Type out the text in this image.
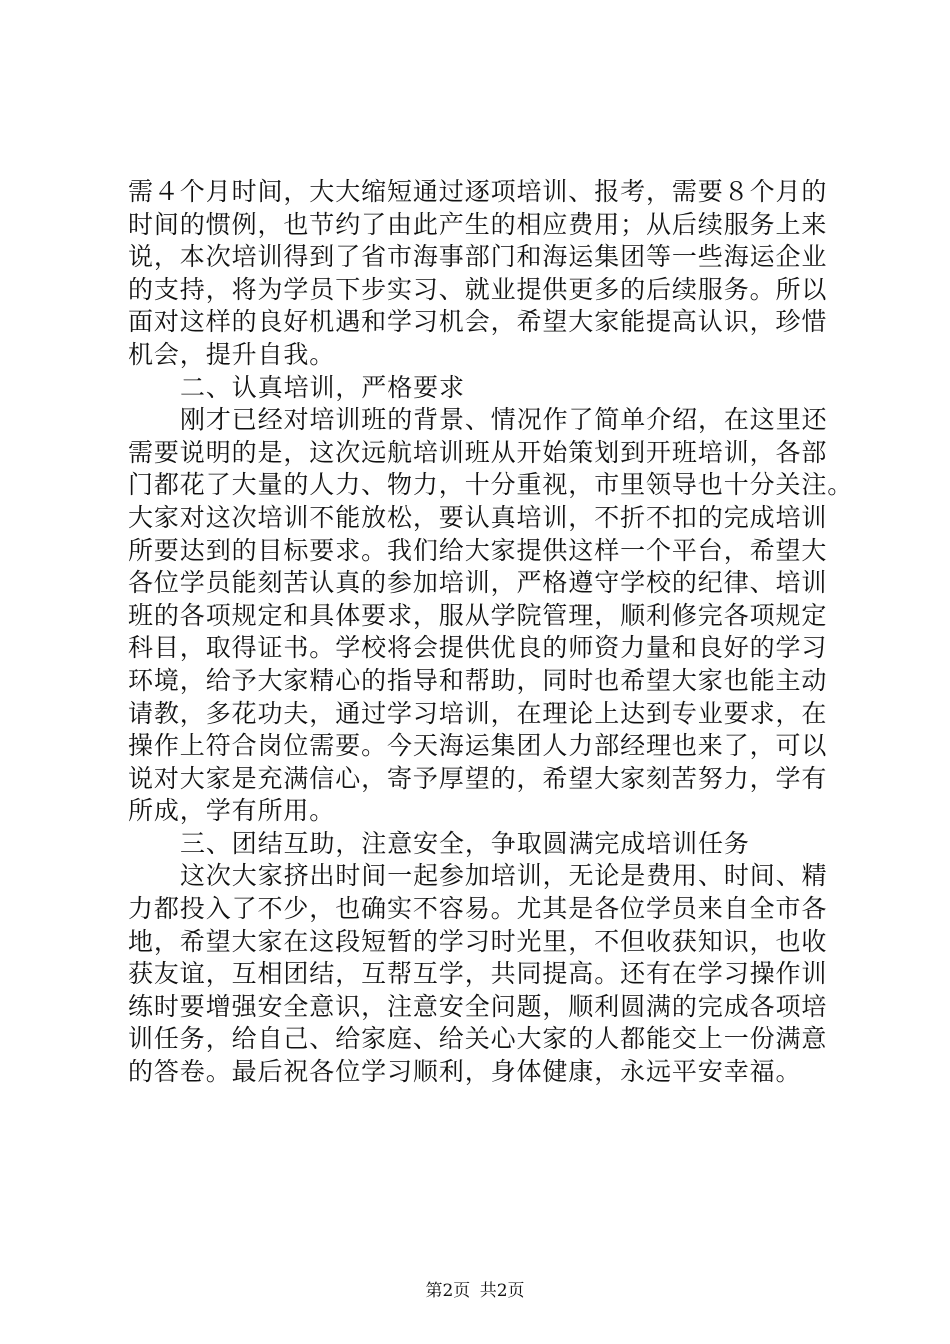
需４个月时间，大大缩短通过逐项培训、报考，需要８个月的
时间的惯例，也节约了由此产生的相应费用；从后续服务上来
说，本次培训得到了省市海事部门和海运集团等一些海运企业
的支持，将为学员下步实习、就业提供更多的后续服务。所以
面对这样的良好机遇和学习机会，希望大家能提高认识，珍惜
机会，提升自我。
二、认真培训，严格要求
刚才已经对培训班的背景、情况作了简单介绍，在这里还
需要说明的是，这次远航培训班从开始策划到开班培训，各部
门都花了大量的人力、物力，十分重视，市里领导也十分关注。
大家对这次培训不能放松，要认真培训，不折不扣的完成培训
所要达到的目标要求。我们给大家提供这样一个平台，希望大
各位学员能刻苦认真的参加培训，严格遵守学校的纪律、培训
班的各项规定和具体要求，服从学院管理，顺利修完各项规定
科目，取得证书。学校将会提供优良的师资力量和良好的学习
环境，给予大家精心的指导和帮助，同时也希望大家也能主动
请教，多花功夫，通过学习培训，在理论上达到专业要求，在
操作上符合岗位需要。今天海运集团人力部经理也来了，可以
说对大家是充满信心，寄予厚望的，希望大家刻苦努力，学有
所成，学有所用。
三、团结互助，注意安全，争取圆满完成培训任务
这次大家挤出时间一起参加培训，无论是费用、时间、精
力都投入了不少，也确实不容易。尤其是各位学员来自全市各
地，希望大家在这段短暂的学习时光里，不但收获知识，也收
获友谊，互相团结，互帮互学，共同提高。还有在学习操作训
练时要增强安全意识，注意安全问题，顺利圆满的完成各项培
训任务，给自己、给家庭、给关心大家的人都能交上一份满意
的答卷。最后祝各位学习顺利，身体健康，永远平安幸福。
第2页 共2页
